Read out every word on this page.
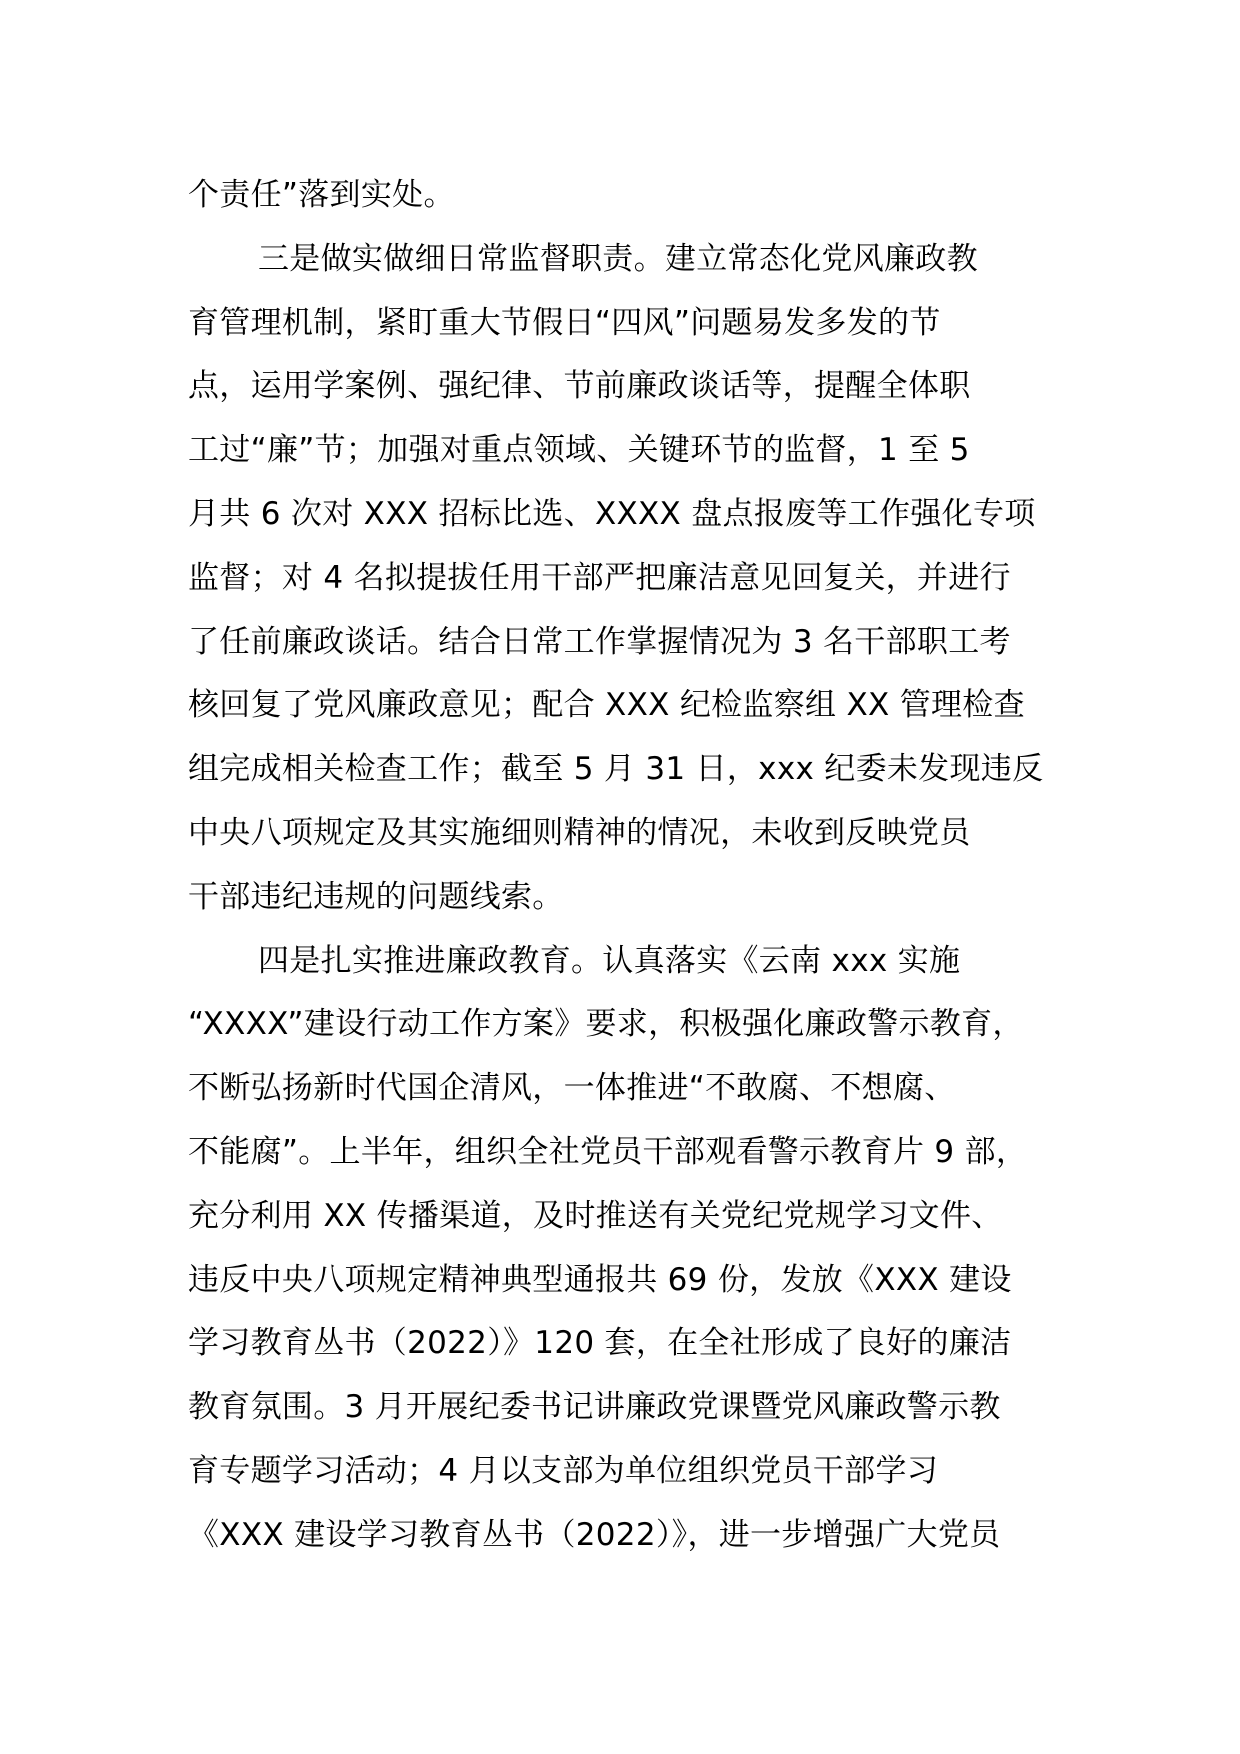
个责任”落到实处。
三是做实做细日常监督职责。建立常态化党风廉政教
育管理机制，紧盯重大节假日“四风”问题易发多发的节
点，运用学案例、强纪律、节前廉政谈话等，提醒全体职
工过“廉”节；加强对重点领域、关键环节的监督，1 至 5
月共 6 次对 XXX 招标比选、XXXX 盘点报废等工作强化专项
监督；对 4 名拟提拔任用干部严把廉洁意见回复关，并进行
了任前廉政谈话。结合日常工作掌握情况为 3 名干部职工考
核回复了党风廉政意见；配合 XXX 纪检监察组 XX 管理检查
组完成相关检查工作；截至 5 月 31 日，xxx 纪委未发现违反
中央八项规定及其实施细则精神的情况，未收到反映党员
干部违纪违规的问题线索。
四是扎实推进廉政教育。认真落实《云南 xxx 实施
“XXXX”建设行动工作方案》要求，积极强化廉政警示教育，
不断弘扬新时代国企清风，一体推进“不敢腐、不想腐、
不能腐”。上半年，组织全社党员干部观看警示教育片 9 部，
充分利用 XX 传播渠道，及时推送有关党纪党规学习文件、
违反中央八项规定精神典型通报共 69 份，发放《XXX 建设
学习教育丛书（2022）》120 套，在全社形成了良好的廉洁
教育氛围。3 月开展纪委书记讲廉政党课暨党风廉政警示教
育专题学习活动；4 月以支部为单位组织党员干部学习
《XXX 建设学习教育丛书（2022）》，进一步增强广大党员
